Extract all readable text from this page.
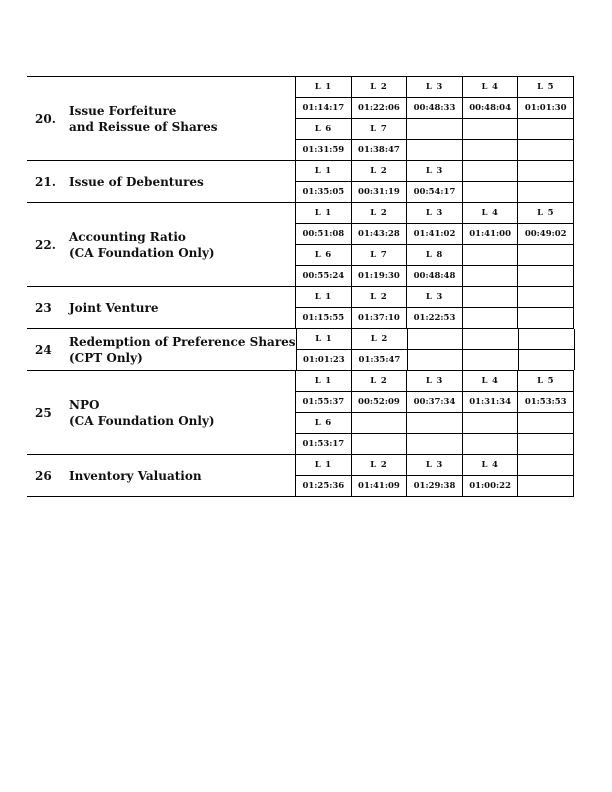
20.
Issue Forfeiture
and Reissue of Shares
L 1	L 2	L 3	L 4	L 5
01:14:17	01:22:06	00:48:33	00:48:04	01:01:30
L 6	L 7
01:31:59	01:38:47
21.	Issue of Debentures
L 1	L 2	L 3
01:35:05	00:31:19	00:54:17
22.
Accounting Ratio
(CA Foundation Only)
L 1	L 2	L 3	L 4	L 5
00:51:08	01:43:28	01:41:02	01:41:00	00:49:02
L 6	L 7	L 8
00:55:24	01:19:30	00:48:48
23	Joint Venture
L 1	L 2	L 3
01:15:55	01:37:10	01:22:53
24
Redemption of Preference Shares
(CPT Only)
L 1	L 2
01:01:23	01:35:47
25
NPO
(CA Foundation Only)
L 1	L 2	L 3	L 4	L 5
01:55:37	00:52:09	00:37:34	01:31:34	01:53:53
L 6
01:53:17
26	Inventory Valuation
L 1	L 2	L 3	L 4
01:25:36	01:41:09	01:29:38	01:00:22
